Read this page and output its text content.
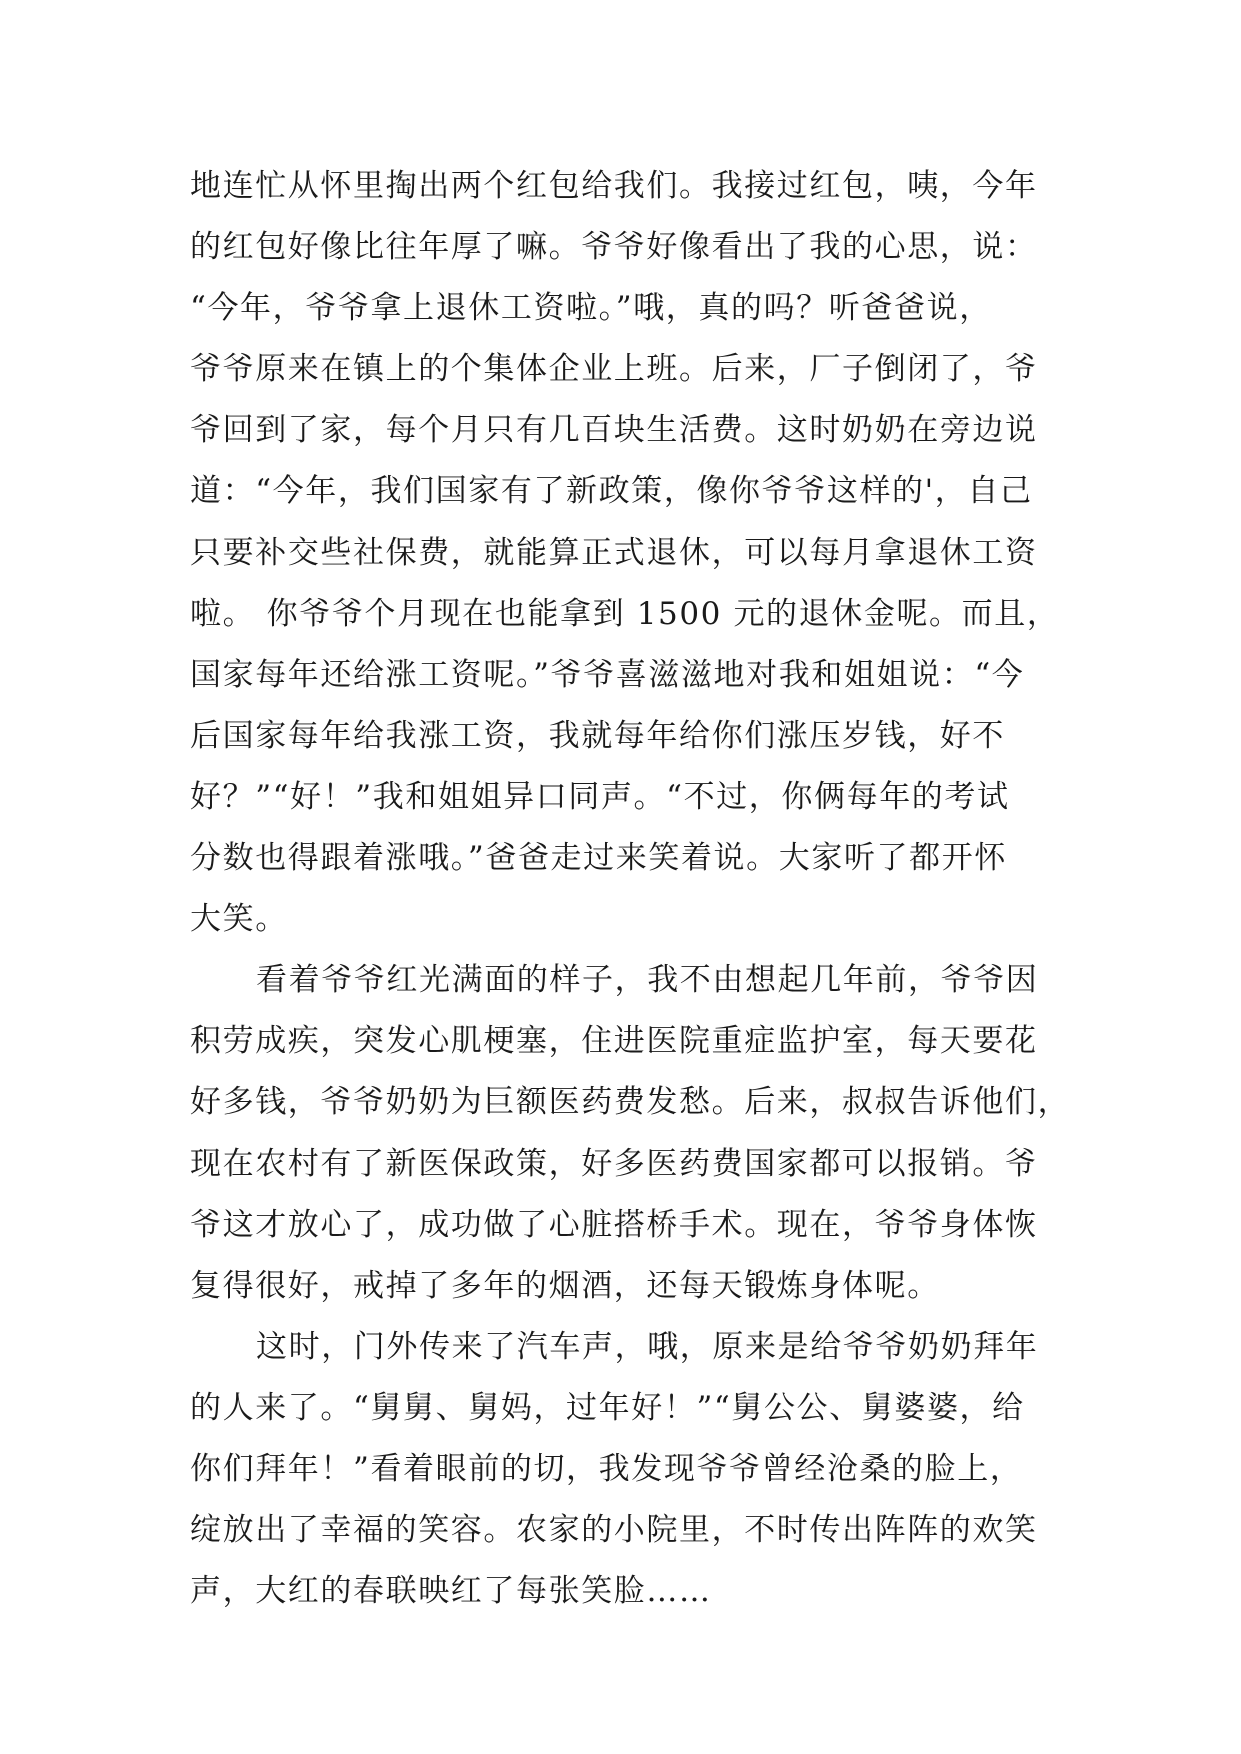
地连忙从怀里掏出两个红包给我们。我接过红包，咦，今年
的红包好像比往年厚了嘛。爷爷好像看出了我的心思，说：
“今年，爷爷拿上退休工资啦。”哦，真的吗？听爸爸说，
爷爷原来在镇上的个集体企业上班。后来，厂子倒闭了，爷
爷回到了家，每个月只有几百块生活费。这时奶奶在旁边说
道：“今年，我们国家有了新政策，像你爷爷这样的'，自己
只要补交些社保费，就能算正式退休，可以每月拿退休工资
啦。 你爷爷个月现在也能拿到 1500 元的退休金呢。而且，
国家每年还给涨工资呢。”爷爷喜滋滋地对我和姐姐说：“今
后国家每年给我涨工资，我就每年给你们涨压岁钱，好不
好？”“好！”我和姐姐异口同声。“不过，你俩每年的考试
分数也得跟着涨哦。”爸爸走过来笑着说。大家听了都开怀
大笑。
看着爷爷红光满面的样子，我不由想起几年前，爷爷因
积劳成疾，突发心肌梗塞，住进医院重症监护室，每天要花
好多钱，爷爷奶奶为巨额医药费发愁。后来，叔叔告诉他们，
现在农村有了新医保政策，好多医药费国家都可以报销。爷
爷这才放心了，成功做了心脏搭桥手术。现在，爷爷身体恢
复得很好，戒掉了多年的烟酒，还每天锻炼身体呢。
这时，门外传来了汽车声，哦，原来是给爷爷奶奶拜年
的人来了。“舅舅、舅妈，过年好！”“舅公公、舅婆婆，给
你们拜年！”看着眼前的切，我发现爷爷曾经沧桑的脸上，
绽放出了幸福的笑容。农家的小院里，不时传出阵阵的欢笑
声，大红的春联映红了每张笑脸……
